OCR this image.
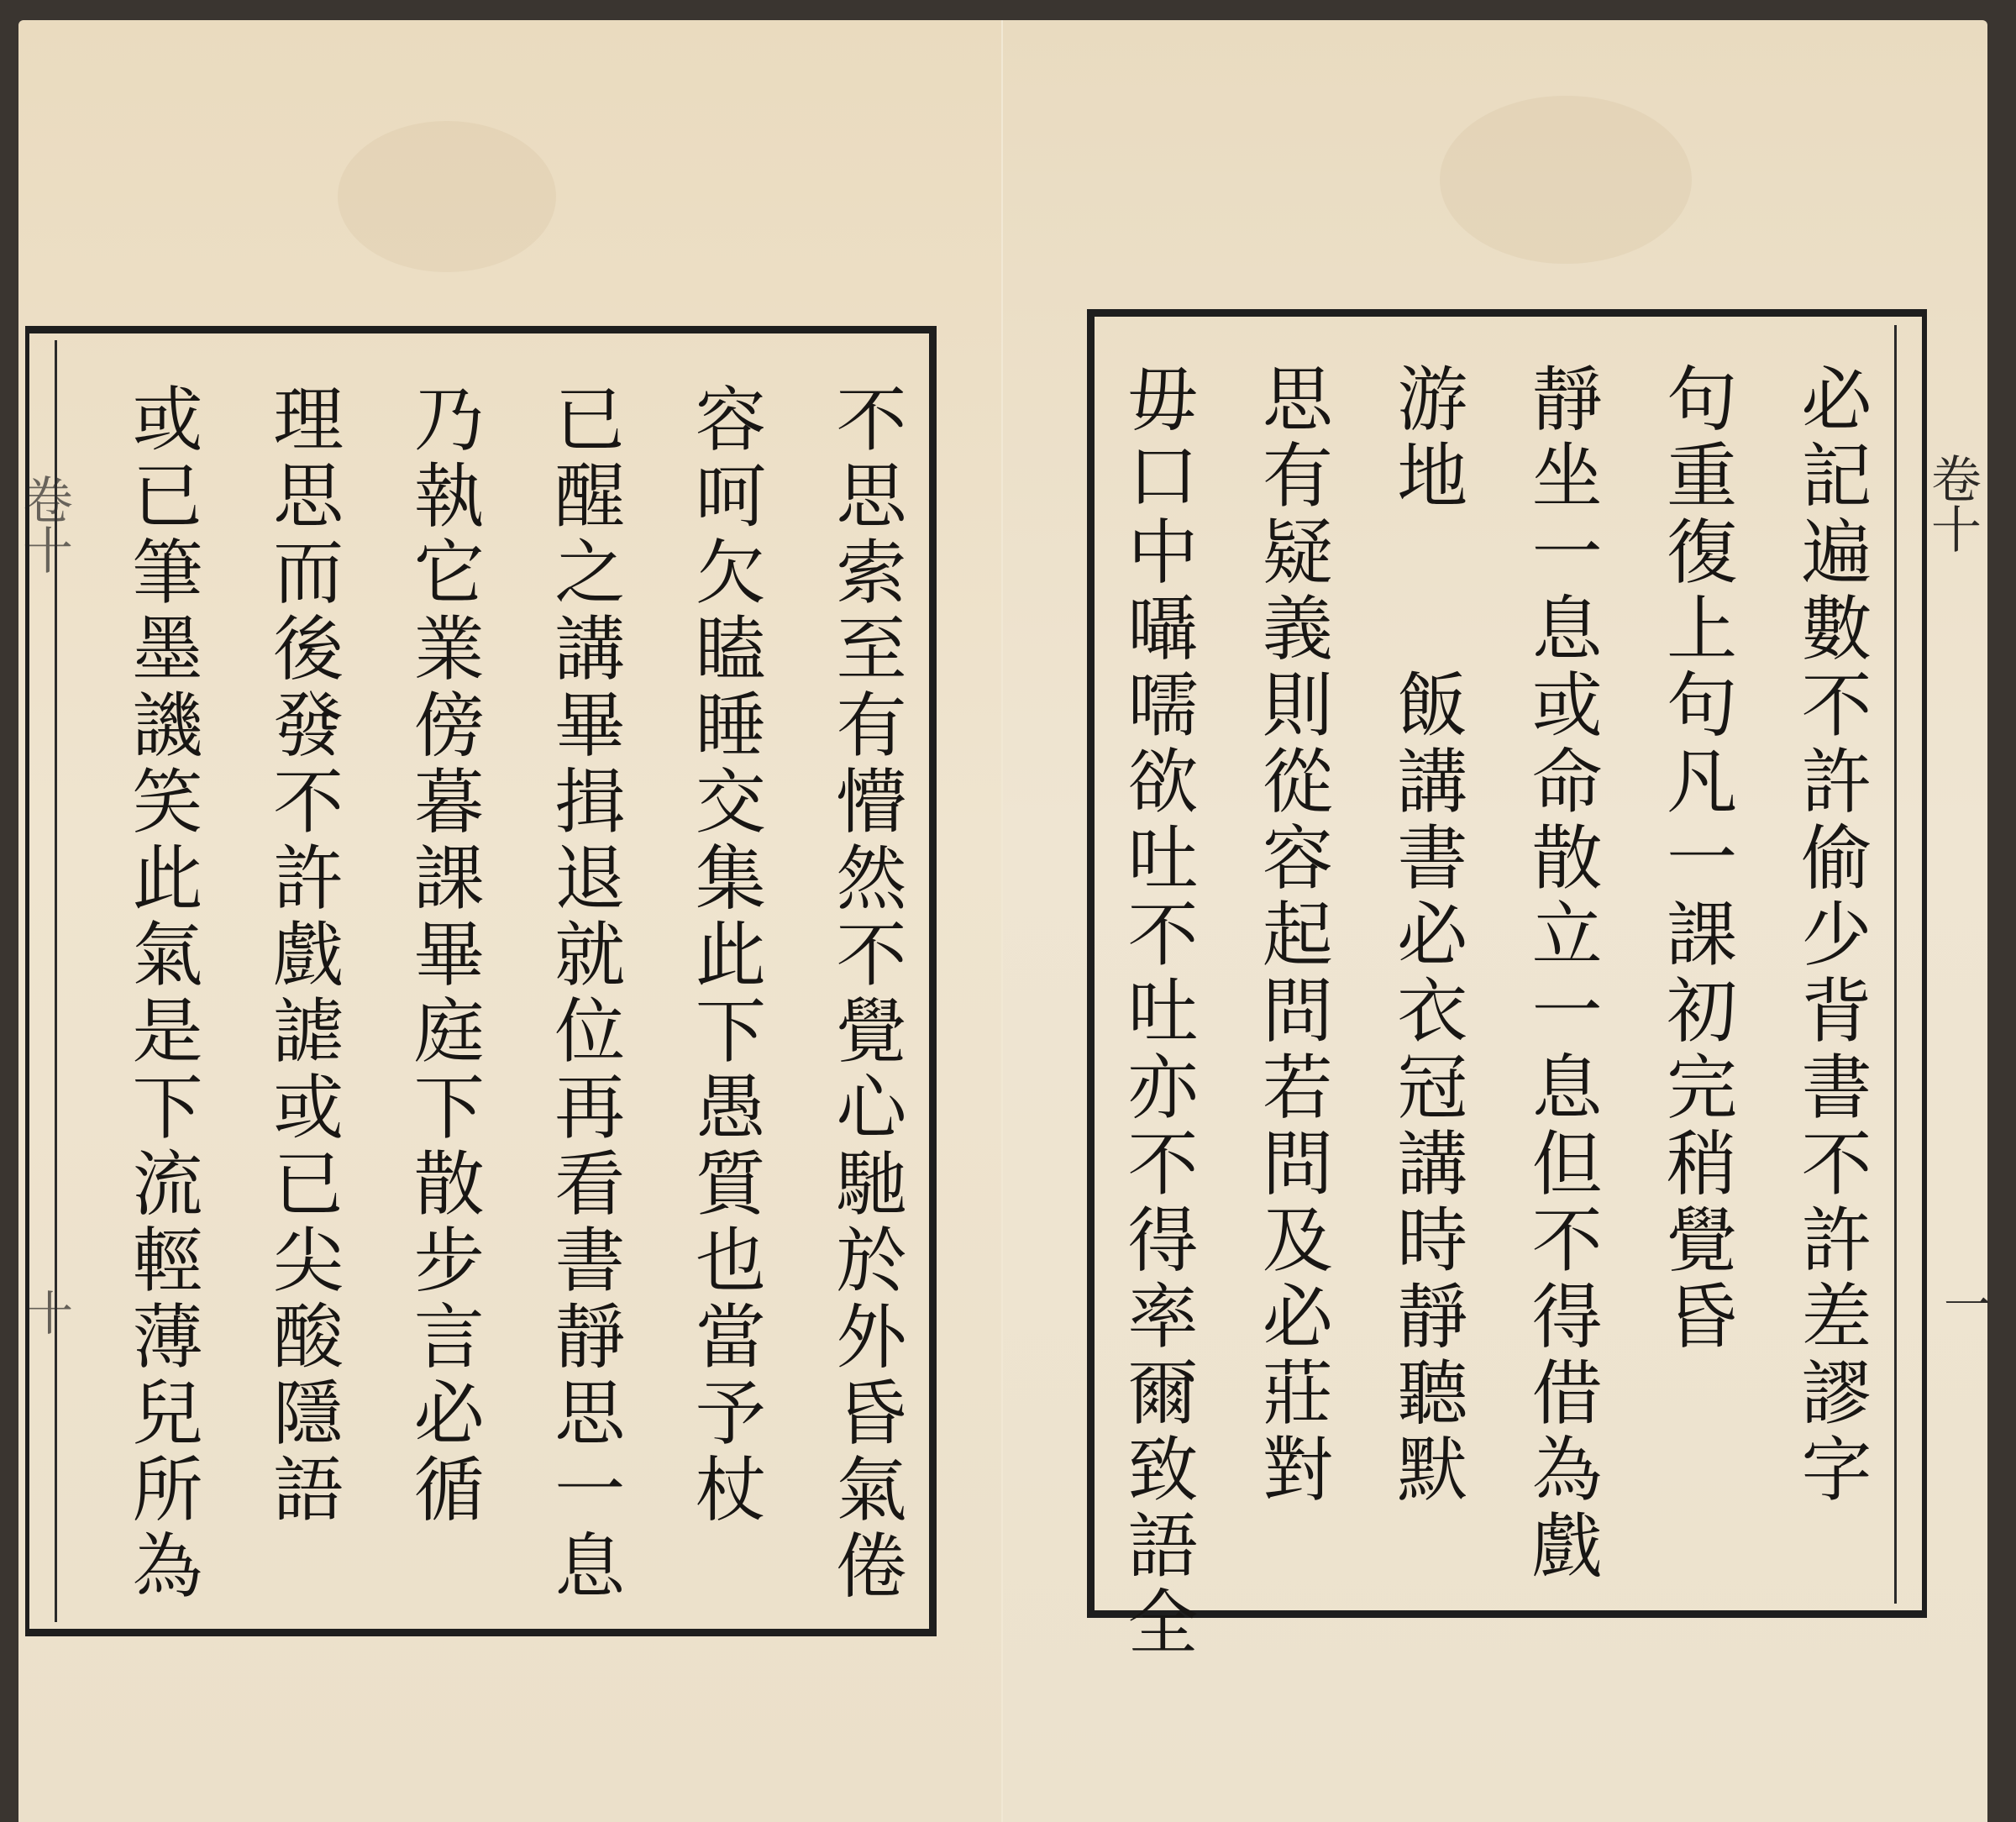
卷十
十	不思索至有懵然不覺心馳於外昏氣倦
容呵欠瞌睡交集此下愚質也當予杖
已醒之講畢揖退就位再看書靜思一息
乃執它業傍暮課畢庭下散步言必循
理思而後發不許戲謔或已尖酸隱語
或已筆墨譏笑此氣是下流輕薄兒所為	必記遍數不許偷少背書不許差謬字
句重復上句凡一課初完稍覺昏
靜坐一息或命散立一息但不得借為戲
游地　　飯講書必衣冠講時靜聽默
思有疑義則從容起問若問及必莊對
毋口中囁嚅欲吐不吐亦不得率爾致語全	卷十
一
